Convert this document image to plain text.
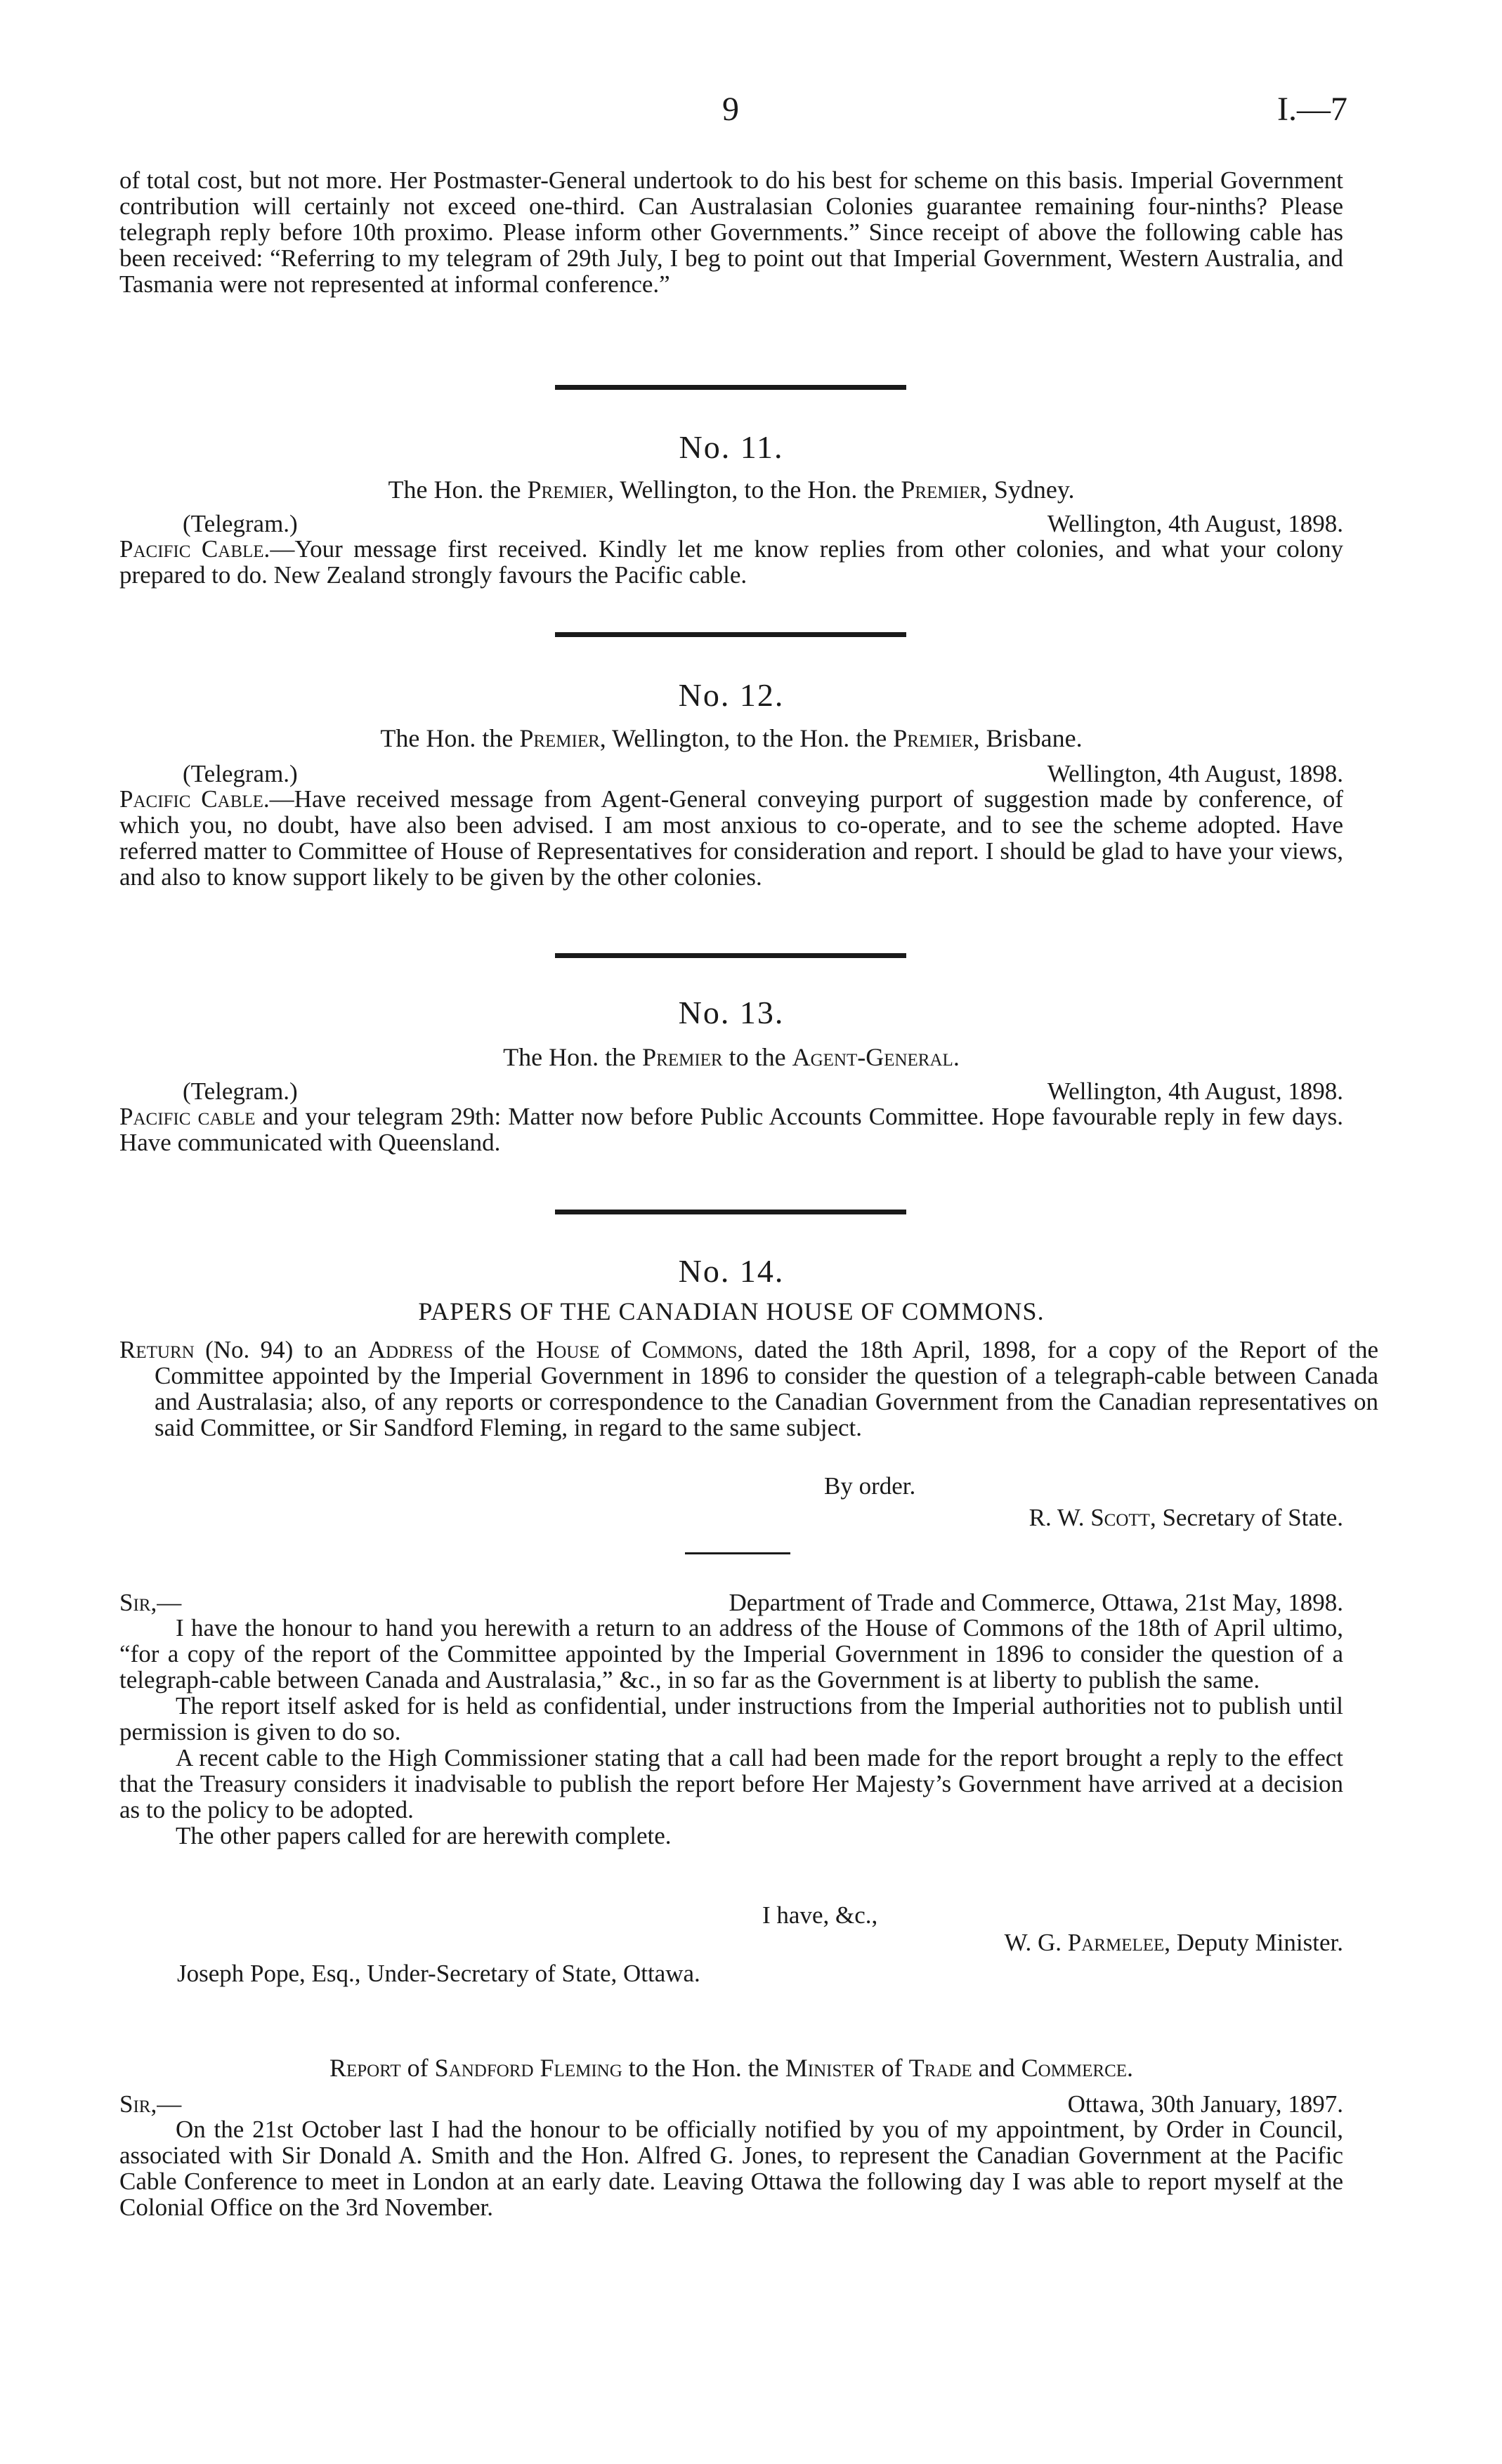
9	I.—7

of total cost, but not more. Her Postmaster-General undertook to do his best for scheme on this basis. Imperial Government contribution will certainly not exceed one-third. Can Australasian Colonies guarantee remaining four-ninths? Please telegraph reply before 10th proximo. Please inform other Governments.” Since receipt of above the following cable has been received: “Referring to my telegram of 29th July, I beg to point out that Imperial Government, Western Australia, and Tasmania were not represented at informal conference.”

No. 11.
The Hon. the Premier, Wellington, to the Hon. the Premier, Sydney.
(Telegram.)	Wellington, 4th August, 1898.

Pacific Cable.—Your message first received. Kindly let me know replies from other colonies, and what your colony prepared to do. New Zealand strongly favours the Pacific cable.

No. 12.
The Hon. the Premier, Wellington, to the Hon. the Premier, Brisbane.
(Telegram.)	Wellington, 4th August, 1898.

Pacific Cable.—Have received message from Agent-General conveying purport of suggestion made by conference, of which you, no doubt, have also been advised. I am most anxious to co-operate, and to see the scheme adopted. Have referred matter to Committee of House of Representatives for consideration and report. I should be glad to have your views, and also to know support likely to be given by the other colonies.

No. 13.
The Hon. the Premier to the Agent-General.
(Telegram.)	Wellington, 4th August, 1898.

Pacific cable and your telegram 29th: Matter now before Public Accounts Committee. Hope favourable reply in few days. Have communicated with Queensland.

No. 14.
PAPERS OF THE CANADIAN HOUSE OF COMMONS.

Return (No. 94) to an Address of the House of Commons, dated the 18th April, 1898, for a copy of the Report of the Committee appointed by the Imperial Government in 1896 to consider the question of a telegraph-cable between Canada and Australasia; also, of any reports or correspondence to the Canadian Government from the Canadian representatives on said Committee, or Sir Sandford Fleming, in regard to the same subject.

By order.
R. W. Scott, Secretary of State.
Sir,—	Department of Trade and Commerce, Ottawa, 21st May, 1898.

I have the honour to hand you herewith a return to an address of the House of Commons of the 18th of April ultimo, “for a copy of the report of the Committee appointed by the Imperial Government in 1896 to consider the question of a telegraph-cable between Canada and Australasia,” &c., in so far as the Government is at liberty to publish the same.

The report itself asked for is held as confidential, under instructions from the Imperial authorities not to publish until permission is given to do so.

A recent cable to the High Commissioner stating that a call had been made for the report brought a reply to the effect that the Treasury considers it inadvisable to publish the report before Her Majesty’s Government have arrived at a decision as to the policy to be adopted.

The other papers called for are herewith complete.

I have, &c.,
W. G. Parmelee, Deputy Minister.
Joseph Pope, Esq., Under-Secretary of State, Ottawa.
Report of Sandford Fleming to the Hon. the Minister of Trade and Commerce.
Sir,—	Ottawa, 30th January, 1897.

On the 21st October last I had the honour to be officially notified by you of my appointment, by Order in Council, associated with Sir Donald A. Smith and the Hon. Alfred G. Jones, to represent the Canadian Government at the Pacific Cable Conference to meet in London at an early date. Leaving Ottawa the following day I was able to report myself at the Colonial Office on the 3rd November.
